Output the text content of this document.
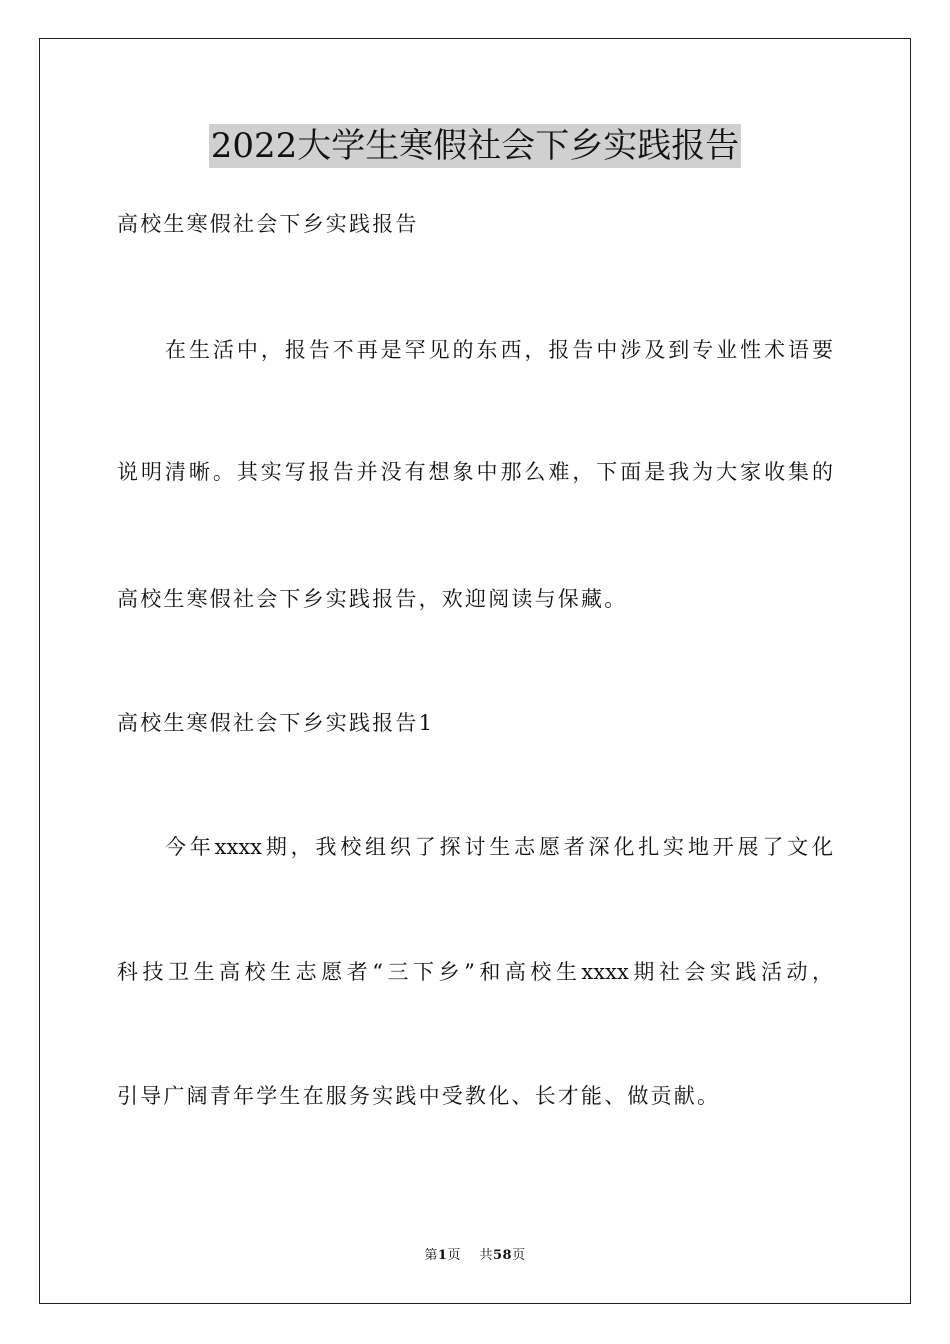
2022大学生寒假社会下乡实践报告
高校生寒假社会下乡实践报告
在生活中，报告不再是罕见的东西，报告中涉及到专业性术语要
说明清晰。其实写报告并没有想象中那么难，下面是我为大家收集的
高校生寒假社会下乡实践报告，欢迎阅读与保藏。
高校生寒假社会下乡实践报告1
今年xxxx期，我校组织了探讨生志愿者深化扎实地开展了文化
科技卫生高校生志愿者“三下乡”和高校生xxxx期社会实践活动，
引导广阔青年学生在服务实践中受教化、长才能、做贡献。
第1页 共58页
